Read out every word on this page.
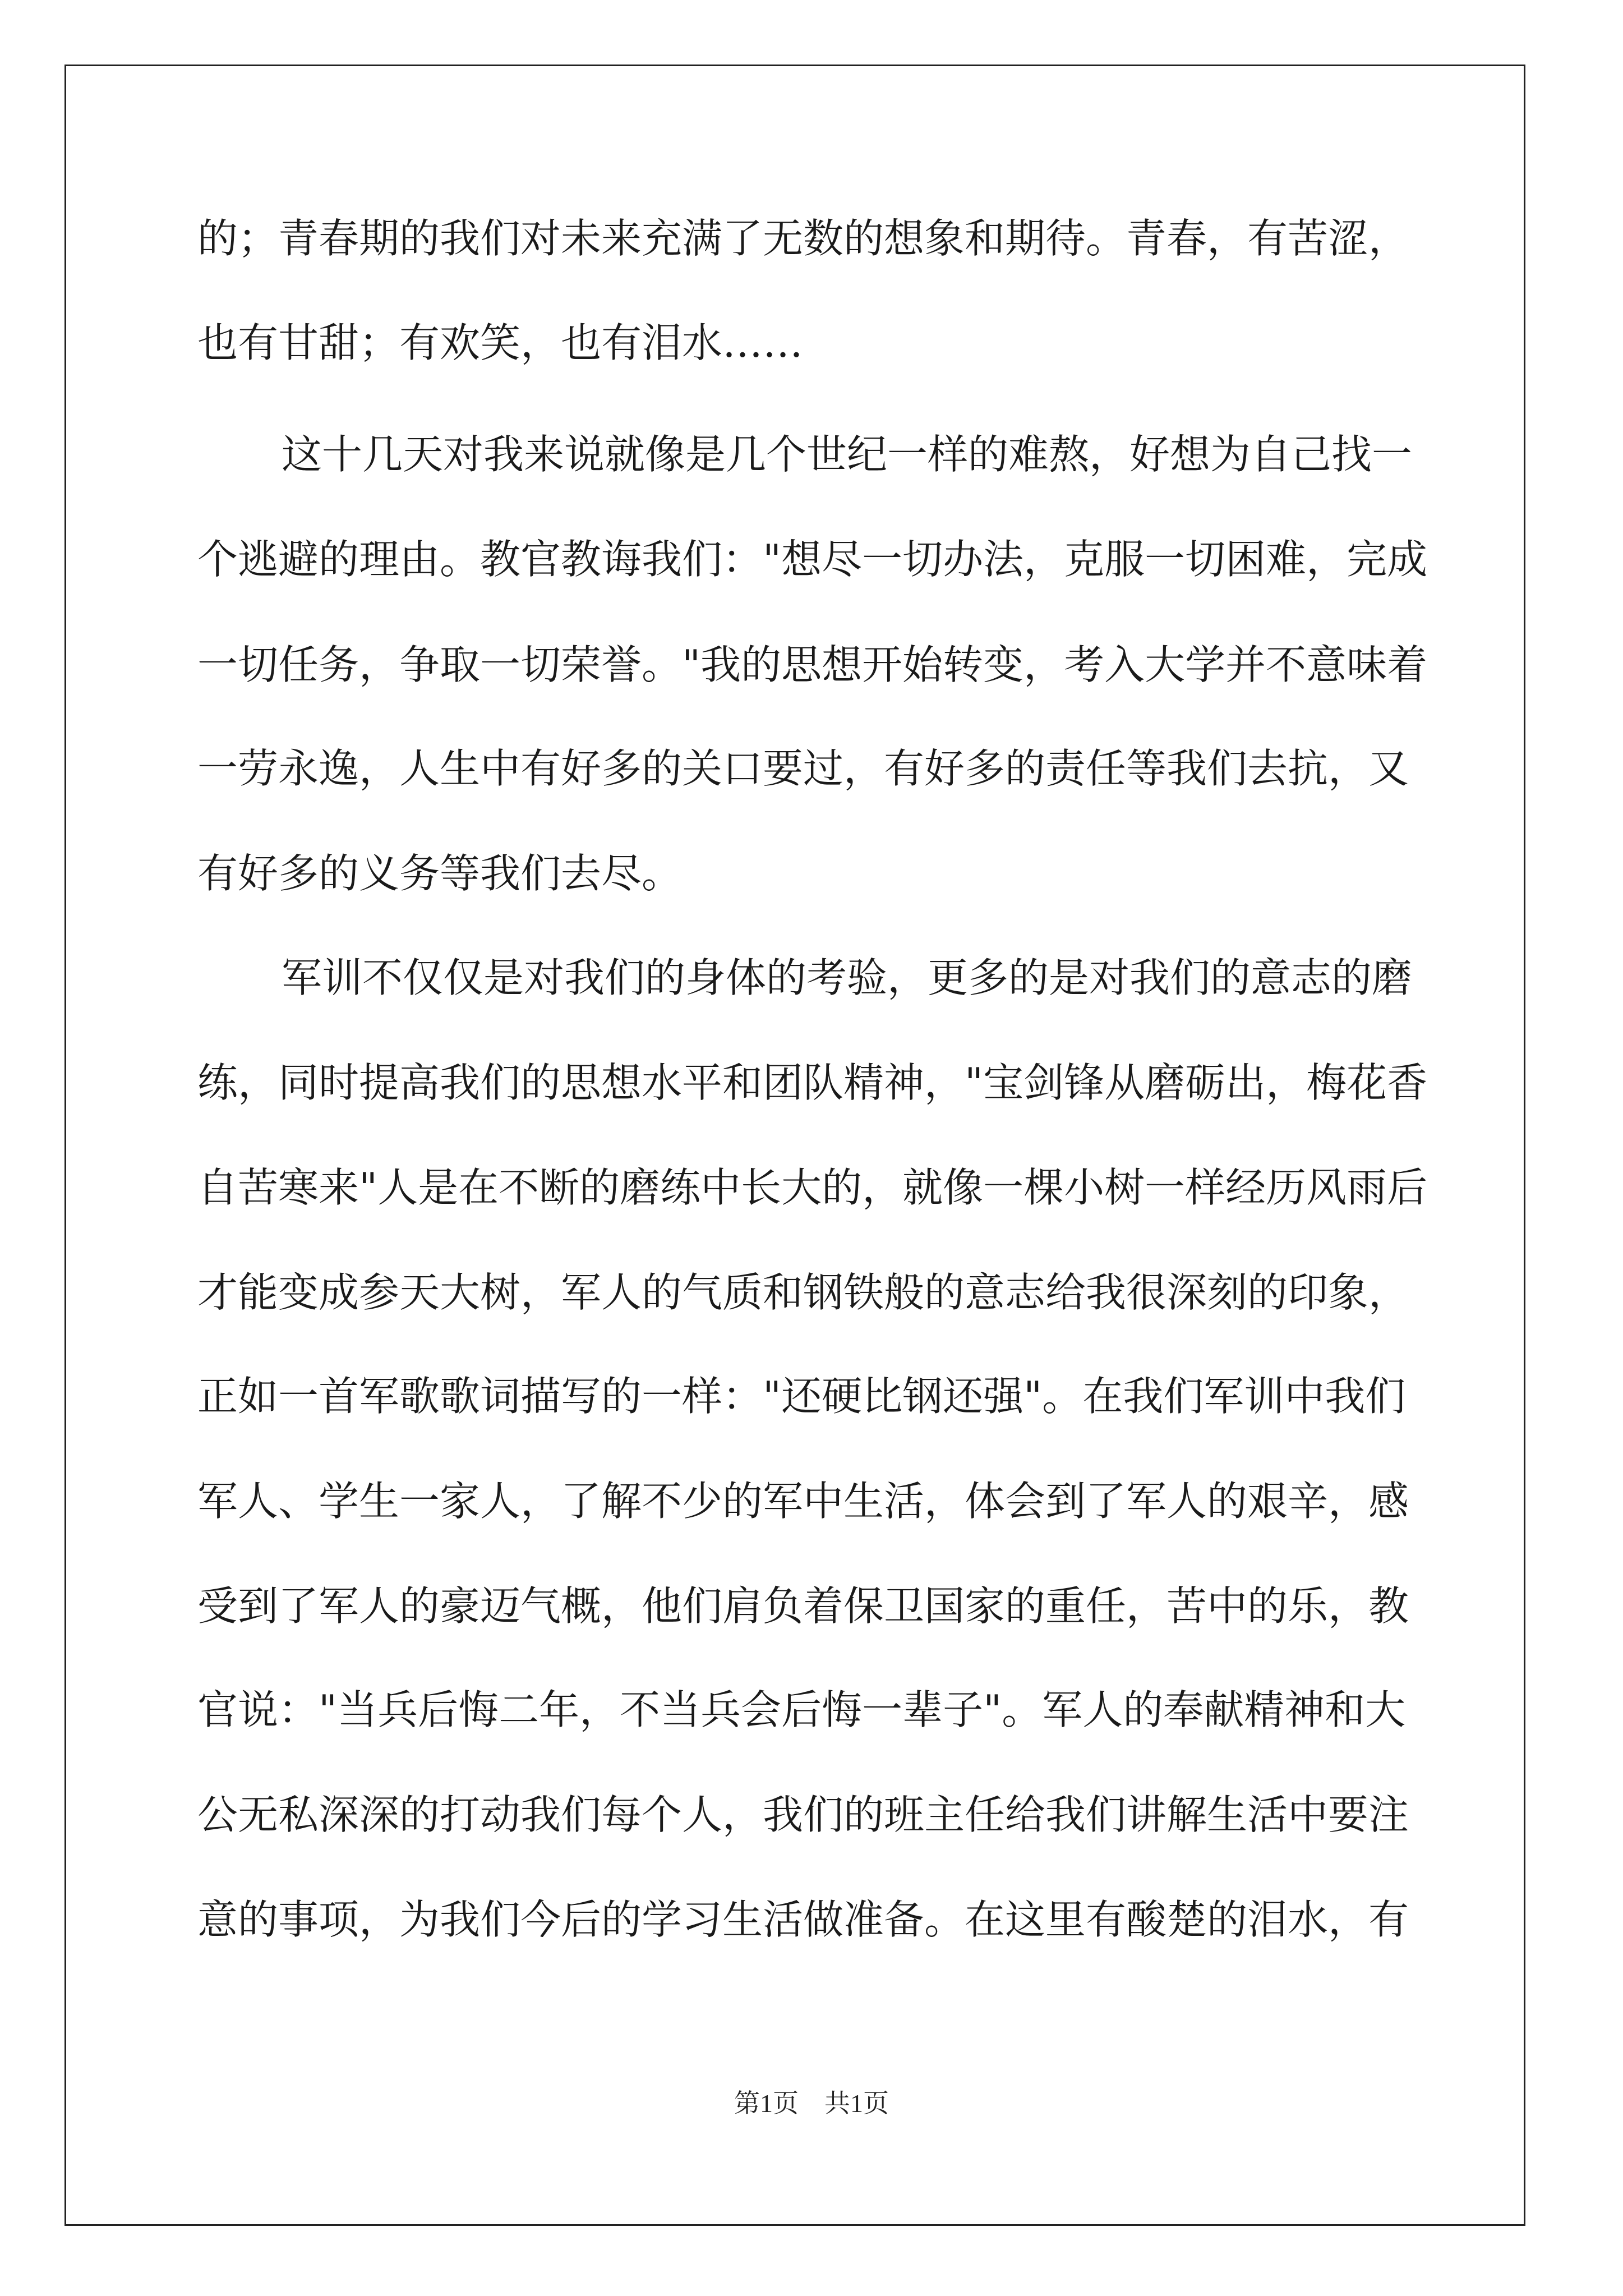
的；青春期的我们对未来充满了无数的想象和期待。青春，有苦涩，
也有甘甜；有欢笑，也有泪水……
这十几天对我来说就像是几个世纪一样的难熬，好想为自己找一
个逃避的理由。教官教诲我们："想尽一切办法，克服一切困难，完成
一切任务，争取一切荣誉。"我的思想开始转变，考入大学并不意味着
一劳永逸，人生中有好多的关口要过，有好多的责任等我们去抗，又
有好多的义务等我们去尽。
军训不仅仅是对我们的身体的考验，更多的是对我们的意志的磨
练，同时提高我们的思想水平和团队精神，"宝剑锋从磨砺出，梅花香
自苦寒来"人是在不断的磨练中长大的，就像一棵小树一样经历风雨后
才能变成参天大树，军人的气质和钢铁般的意志给我很深刻的印象，
正如一首军歌歌词描写的一样："还硬比钢还强"。在我们军训中我们
军人、学生一家人，了解不少的军中生活，体会到了军人的艰辛，感
受到了军人的豪迈气概，他们肩负着保卫国家的重任，苦中的乐，教
官说："当兵后悔二年，不当兵会后悔一辈子"。军人的奉献精神和大
公无私深深的打动我们每个人，我们的班主任给我们讲解生活中要注
意的事项，为我们今后的学习生活做准备。在这里有酸楚的泪水，有
第1页　共1页
